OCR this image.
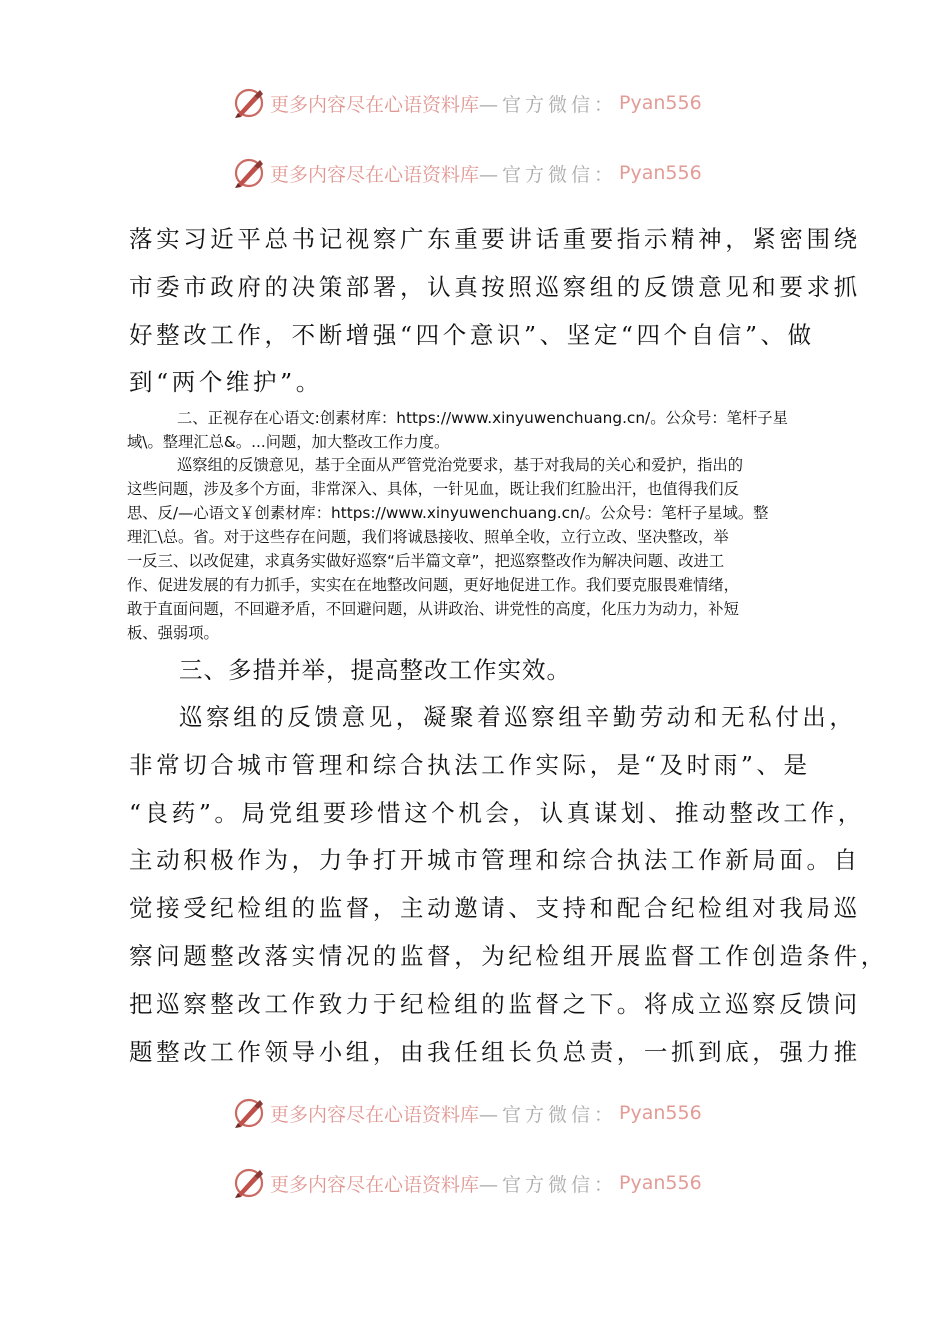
更多内容尽在心语资料库 —官方微信： Pyan556
更多内容尽在心语资料库 —官方微信： Pyan556
落实习近平总书记视察广东重要讲话重要指示精神，紧密围绕
市委市政府的决策部署，认真按照巡察组的反馈意见和要求抓
好整改工作，不断增强“四个意识”、坚定“四个自信”、做
到“两个维护”。
二、正视存在心语文:创素材库：https://www.xinyuwenchuang.cn/。公众号：笔杆子星
域\。整理汇总&。...问题，加大整改工作力度。
巡察组的反馈意见，基于全面从严管党治党要求，基于对我局的关心和爱护，指出的
这些问题，涉及多个方面，非常深入、具体，一针见血，既让我们红脸出汗，也值得我们反
思、反/—心语文￥创素材库：https://www.xinyuwenchuang.cn/。公众号：笔杆子星域。整
理汇\总。省。对于这些存在问题，我们将诚恳接收、照单全收，立行立改、坚决整改，举
一反三、以改促建，求真务实做好巡察“后半篇文章”，把巡察整改作为解决问题、改进工
作、促进发展的有力抓手，实实在在地整改问题，更好地促进工作。我们要克服畏难情绪，
敢于直面问题，不回避矛盾，不回避问题，从讲政治、讲党性的高度，化压力为动力，补短
板、强弱项。
三、多措并举，提高整改工作实效。
巡察组的反馈意见，凝聚着巡察组辛勤劳动和无私付出，
非常切合城市管理和综合执法工作实际，是“及时雨”、是
“良药”。局党组要珍惜这个机会，认真谋划、推动整改工作，
主动积极作为，力争打开城市管理和综合执法工作新局面。自
觉接受纪检组的监督，主动邀请、支持和配合纪检组对我局巡
察问题整改落实情况的监督，为纪检组开展监督工作创造条件，
把巡察整改工作致力于纪检组的监督之下。将成立巡察反馈问
题整改工作领导小组，由我任组长负总责，一抓到底，强力推
更多内容尽在心语资料库 —官方微信： Pyan556
更多内容尽在心语资料库 —官方微信： Pyan556
